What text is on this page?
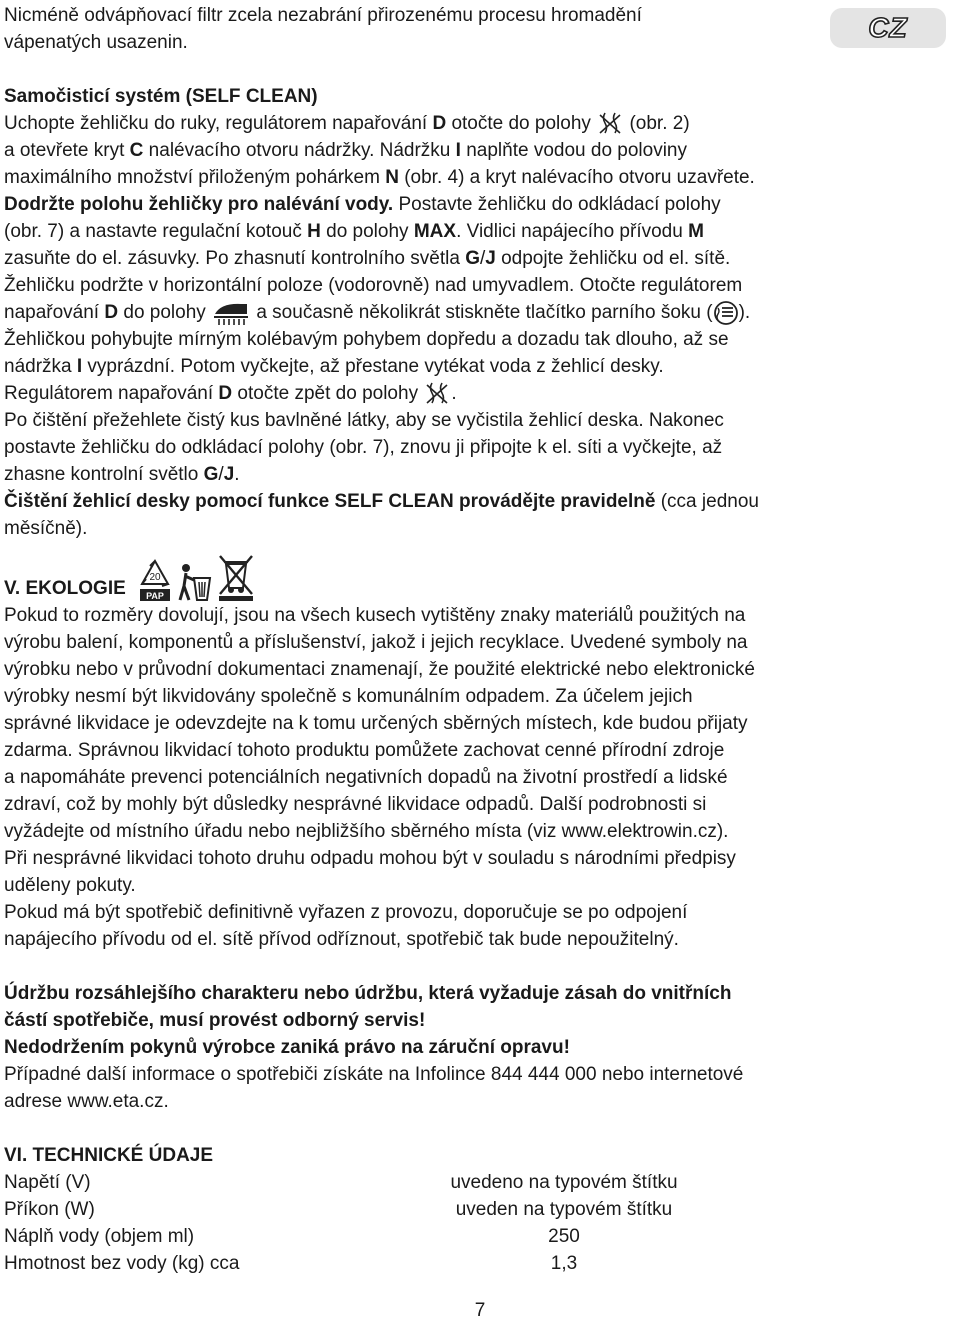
CZ
Nicméně odvápňovací filtr zcela nezabrání přirozenému procesu hromadění
vápenatých usazenin.
Samočisticí systém (SELF CLEAN)
Uchopte žehličku do ruky, regulátorem napařování D otočte do polohy  (obr. 2)
a otevřete kryt C nalévacího otvoru nádržky. Nádržku I naplňte vodou do poloviny
maximálního množství přiloženým pohárkem N (obr. 4) a kryt nalévacího otvoru uzavřete.
Dodržte polohu žehličky pro nalévání vody. Postavte žehličku do odkládací polohy
(obr. 7) a nastavte regulační kotouč H do polohy MAX. Vidlici napájecího přívodu M
zasuňte do el. zásuvky. Po zhasnutí kontrolního světla G/J odpojte žehličku od el. sítě.
Žehličku podržte v horizontální poloze (vodorovně) nad umyvadlem. Otočte regulátorem
napařování D do polohy  a současně několikrát stiskněte tlačítko parního šoku ( ).
Žehličkou pohybujte mírným kolébavým pohybem dopředu a dozadu tak dlouho, až se
nádržka I vyprázdní. Potom vyčkejte, až přestane vytékat voda z žehlicí desky.
Regulátorem napařování D otočte zpět do polohy .
Po čištění přežehlete čistý kus bavlněné látky, aby se vyčistila žehlicí deska. Nakonec
postavte žehličku do odkládací polohy (obr. 7), znovu ji připojte k el. síti a vyčkejte, až
zhasne kontrolní světlo G/J.
Čištění žehlicí desky pomocí funkce SELF CLEAN provádějte pravidelně (cca jednou
měsíčně).
V. EKOLOGIE
20
PAP
Pokud to rozměry dovolují, jsou na všech kusech vytištěny znaky materiálů použitých na
výrobu balení, komponentů a příslušenství, jakož i jejich recyklace. Uvedené symboly na
výrobku nebo v průvodní dokumentaci znamenají, že použité elektrické nebo elektronické
výrobky nesmí být likvidovány společně s komunálním odpadem. Za účelem jejich
správné likvidace je odevzdejte na k tomu určených sběrných místech, kde budou přijaty
zdarma. Správnou likvidací tohoto produktu pomůžete zachovat cenné přírodní zdroje
a napomáháte prevenci potenciálních negativních dopadů na životní prostředí a lidské
zdraví, což by mohly být důsledky nesprávné likvidace odpadů. Další podrobnosti si
vyžádejte od místního úřadu nebo nejbližšího sběrného místa (viz www.elektrowin.cz).
Při nesprávné likvidaci tohoto druhu odpadu mohou být v souladu s národními předpisy
uděleny pokuty.
Pokud má být spotřebič definitivně vyřazen z provozu, doporučuje se po odpojení
napájecího přívodu od el. sítě přívod odříznout, spotřebič tak bude nepoužitelný.
Údržbu rozsáhlejšího charakteru nebo údržbu, která vyžaduje zásah do vnitřních
částí spotřebiče, musí provést odborný servis!
Nedodržením pokynů výrobce zaniká právo na záruční opravu!
Případné další informace o spotřebiči získáte na Infolince 844 444 000 nebo internetové
adrese www.eta.cz.
VI. TECHNICKÉ ÚDAJE
Napětí (V)	uvedeno na typovém štítku
Příkon (W)	uveden na typovém štítku
Náplň vody (objem ml)	250
Hmotnost bez vody (kg) cca	1,3
7
